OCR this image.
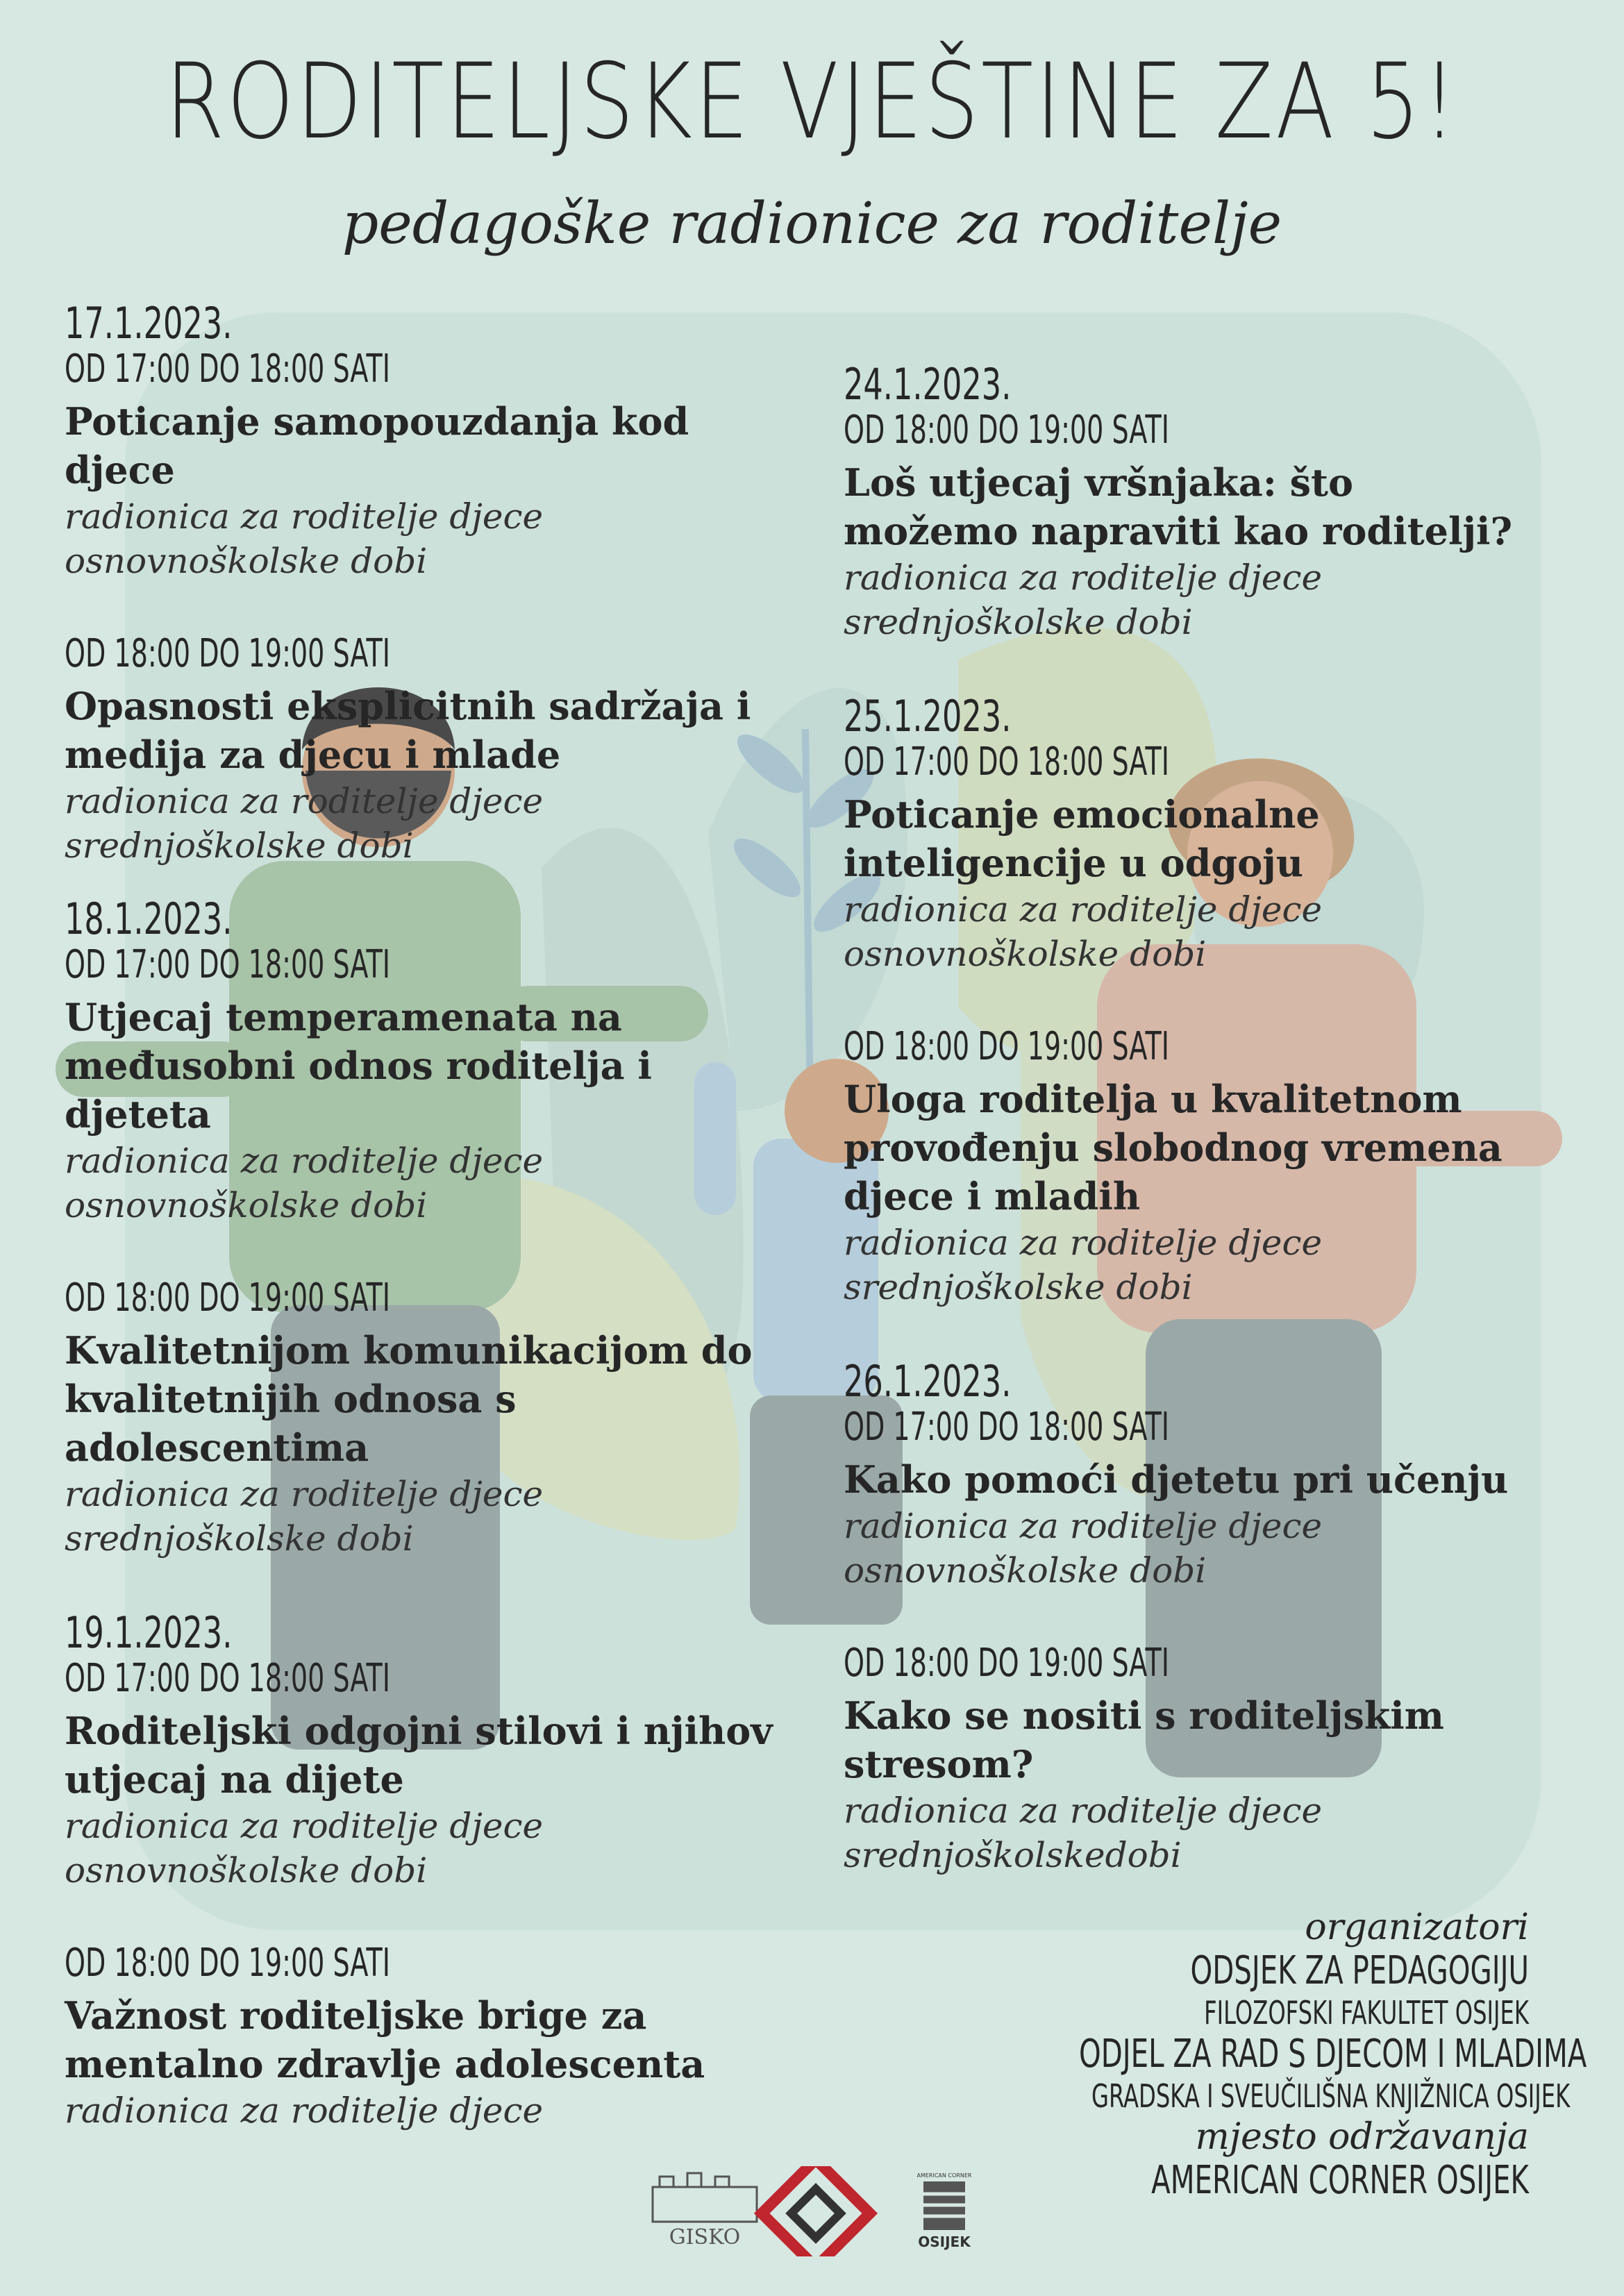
RODITELJSKE VJEŠTINE ZA 5!
pedagoške radionice za roditelje
17.1.2023.
OD 17:00 DO 18:00 SATI
Poticanje samopouzdanja kod djece
radionica za roditelje djece osnovnoškolske dobi
OD 18:00 DO 19:00 SATI
Opasnosti eksplicitnih sadržaja i medija za djecu i mlade
radionica za roditelje djece srednjoškolske dobi
18.1.2023.
OD 17:00 DO 18:00 SATI
Utjecaj temperamenata na međusobni odnos roditelja i djeteta
radionica za roditelje djece osnovnoškolske dobi
OD 18:00 DO 19:00 SATI
Kvalitetnijom komunikacijom do kvalitetnijih odnosa s adolescentima
radionica za roditelje djece srednjoškolske dobi
19.1.2023.
OD 17:00 DO 18:00 SATI
Roditeljski odgojni stilovi i njihov utjecaj na dijete
radionica za roditelje djece osnovnoškolske dobi
OD 18:00 DO 19:00 SATI
Važnost roditeljske brige za mentalno zdravlje adolescenta
radionica za roditelje djece
24.1.2023.
OD 18:00 DO 19:00 SATI
Loš utjecaj vršnjaka: što možemo napraviti kao roditelji?
radionica za roditelje djece srednjoškolske dobi
25.1.2023.
OD 17:00 DO 18:00 SATI
Poticanje emocionalne inteligencije u odgoju
radionica za roditelje djece osnovnoškolske dobi
OD 18:00 DO 19:00 SATI
Uloga roditelja u kvalitetnom provođenju slobodnog vremena djece i mladih
radionica za roditelje djece srednjoškolske dobi
26.1.2023.
OD 17:00 DO 18:00 SATI
Kako pomoći djetetu pri učenju
radionica za roditelje djece osnovnoškolske dobi
OD 18:00 DO 19:00 SATI
Kako se nositi s roditeljskim stresom?
radionica za roditelje djece srednjoškolskedobi
organizatori
ODSJEK ZA PEDAGOGIJU
FILOZOFSKI FAKULTET OSIJEK
ODJEL ZA RAD S DJECOM I MLADIMA
GRADSKA I SVEUČILIŠNA KNJIŽNICA OSIJEK
mjesto održavanja
AMERICAN CORNER OSIJEK
GISKO
AMERICAN CORNER
OSIJEK
